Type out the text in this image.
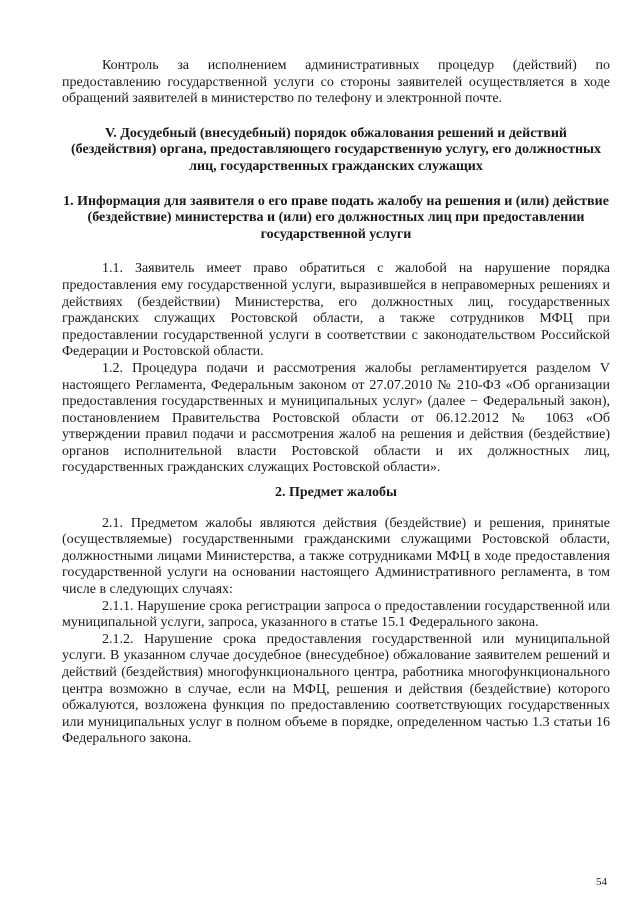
Контроль за исполнением административных процедур (действий) по предоставлению государственной услуги со стороны заявителей осуществляется в ходе обращений заявителей в министерство по телефону и электронной почте.

V. Досудебный (внесудебный) порядок обжалования решений и действий (бездействия) органа, предоставляющего государственную услугу, его должностных лиц, государственных гражданских служащих

1. Информация для заявителя о его праве подать жалобу на решения и (или) действие (бездействие) министерства и (или) его должностных лиц при предоставлении государственной услуги

1.1. Заявитель имеет право обратиться с жалобой на нарушение порядка предоставления ему государственной услуги, выразившейся в неправомерных решениях и действиях (бездействии) Министерства, его должностных лиц, государственных гражданских служащих Ростовской области, а также сотрудников МФЦ при предоставлении государственной услуги в соответствии с законодательством Российской Федерации и Ростовской области.

1.2. Процедура подачи и рассмотрения жалобы регламентируется разделом V настоящего Регламента, Федеральным законом от 27.07.2010 № 210-ФЗ «Об организации предоставления государственных и муниципальных услуг» (далее − Федеральный закон), постановлением Правительства Ростовской области от 06.12.2012 № 1063 «Об утверждении правил подачи и рассмотрения жалоб на решения и действия (бездействие) органов исполнительной власти Ростовской области и их должностных лиц, государственных гражданских служащих Ростовской области».

2. Предмет жалобы

2.1. Предметом жалобы являются действия (бездействие) и решения, принятые (осуществляемые) государственными гражданскими служащими Ростовской области, должностными лицами Министерства, а также сотрудниками МФЦ в ходе предоставления государственной услуги на основании настоящего Административного регламента, в том числе в следующих случаях:

2.1.1. Нарушение срока регистрации запроса о предоставлении государственной или муниципальной услуги, запроса, указанного в статье 15.1 Федерального закона.

2.1.2. Нарушение срока предоставления государственной или муниципальной услуги. В указанном случае досудебное (внесудебное) обжалование заявителем решений и действий (бездействия) многофункционального центра, работника многофункционального центра возможно в случае, если на МФЦ, решения и действия (бездействие) которого обжалуются, возложена функция по предоставлению соответствующих государственных или муниципальных услуг в полном объеме в порядке, определенном частью 1.3 статьи 16 Федерального закона.

54
